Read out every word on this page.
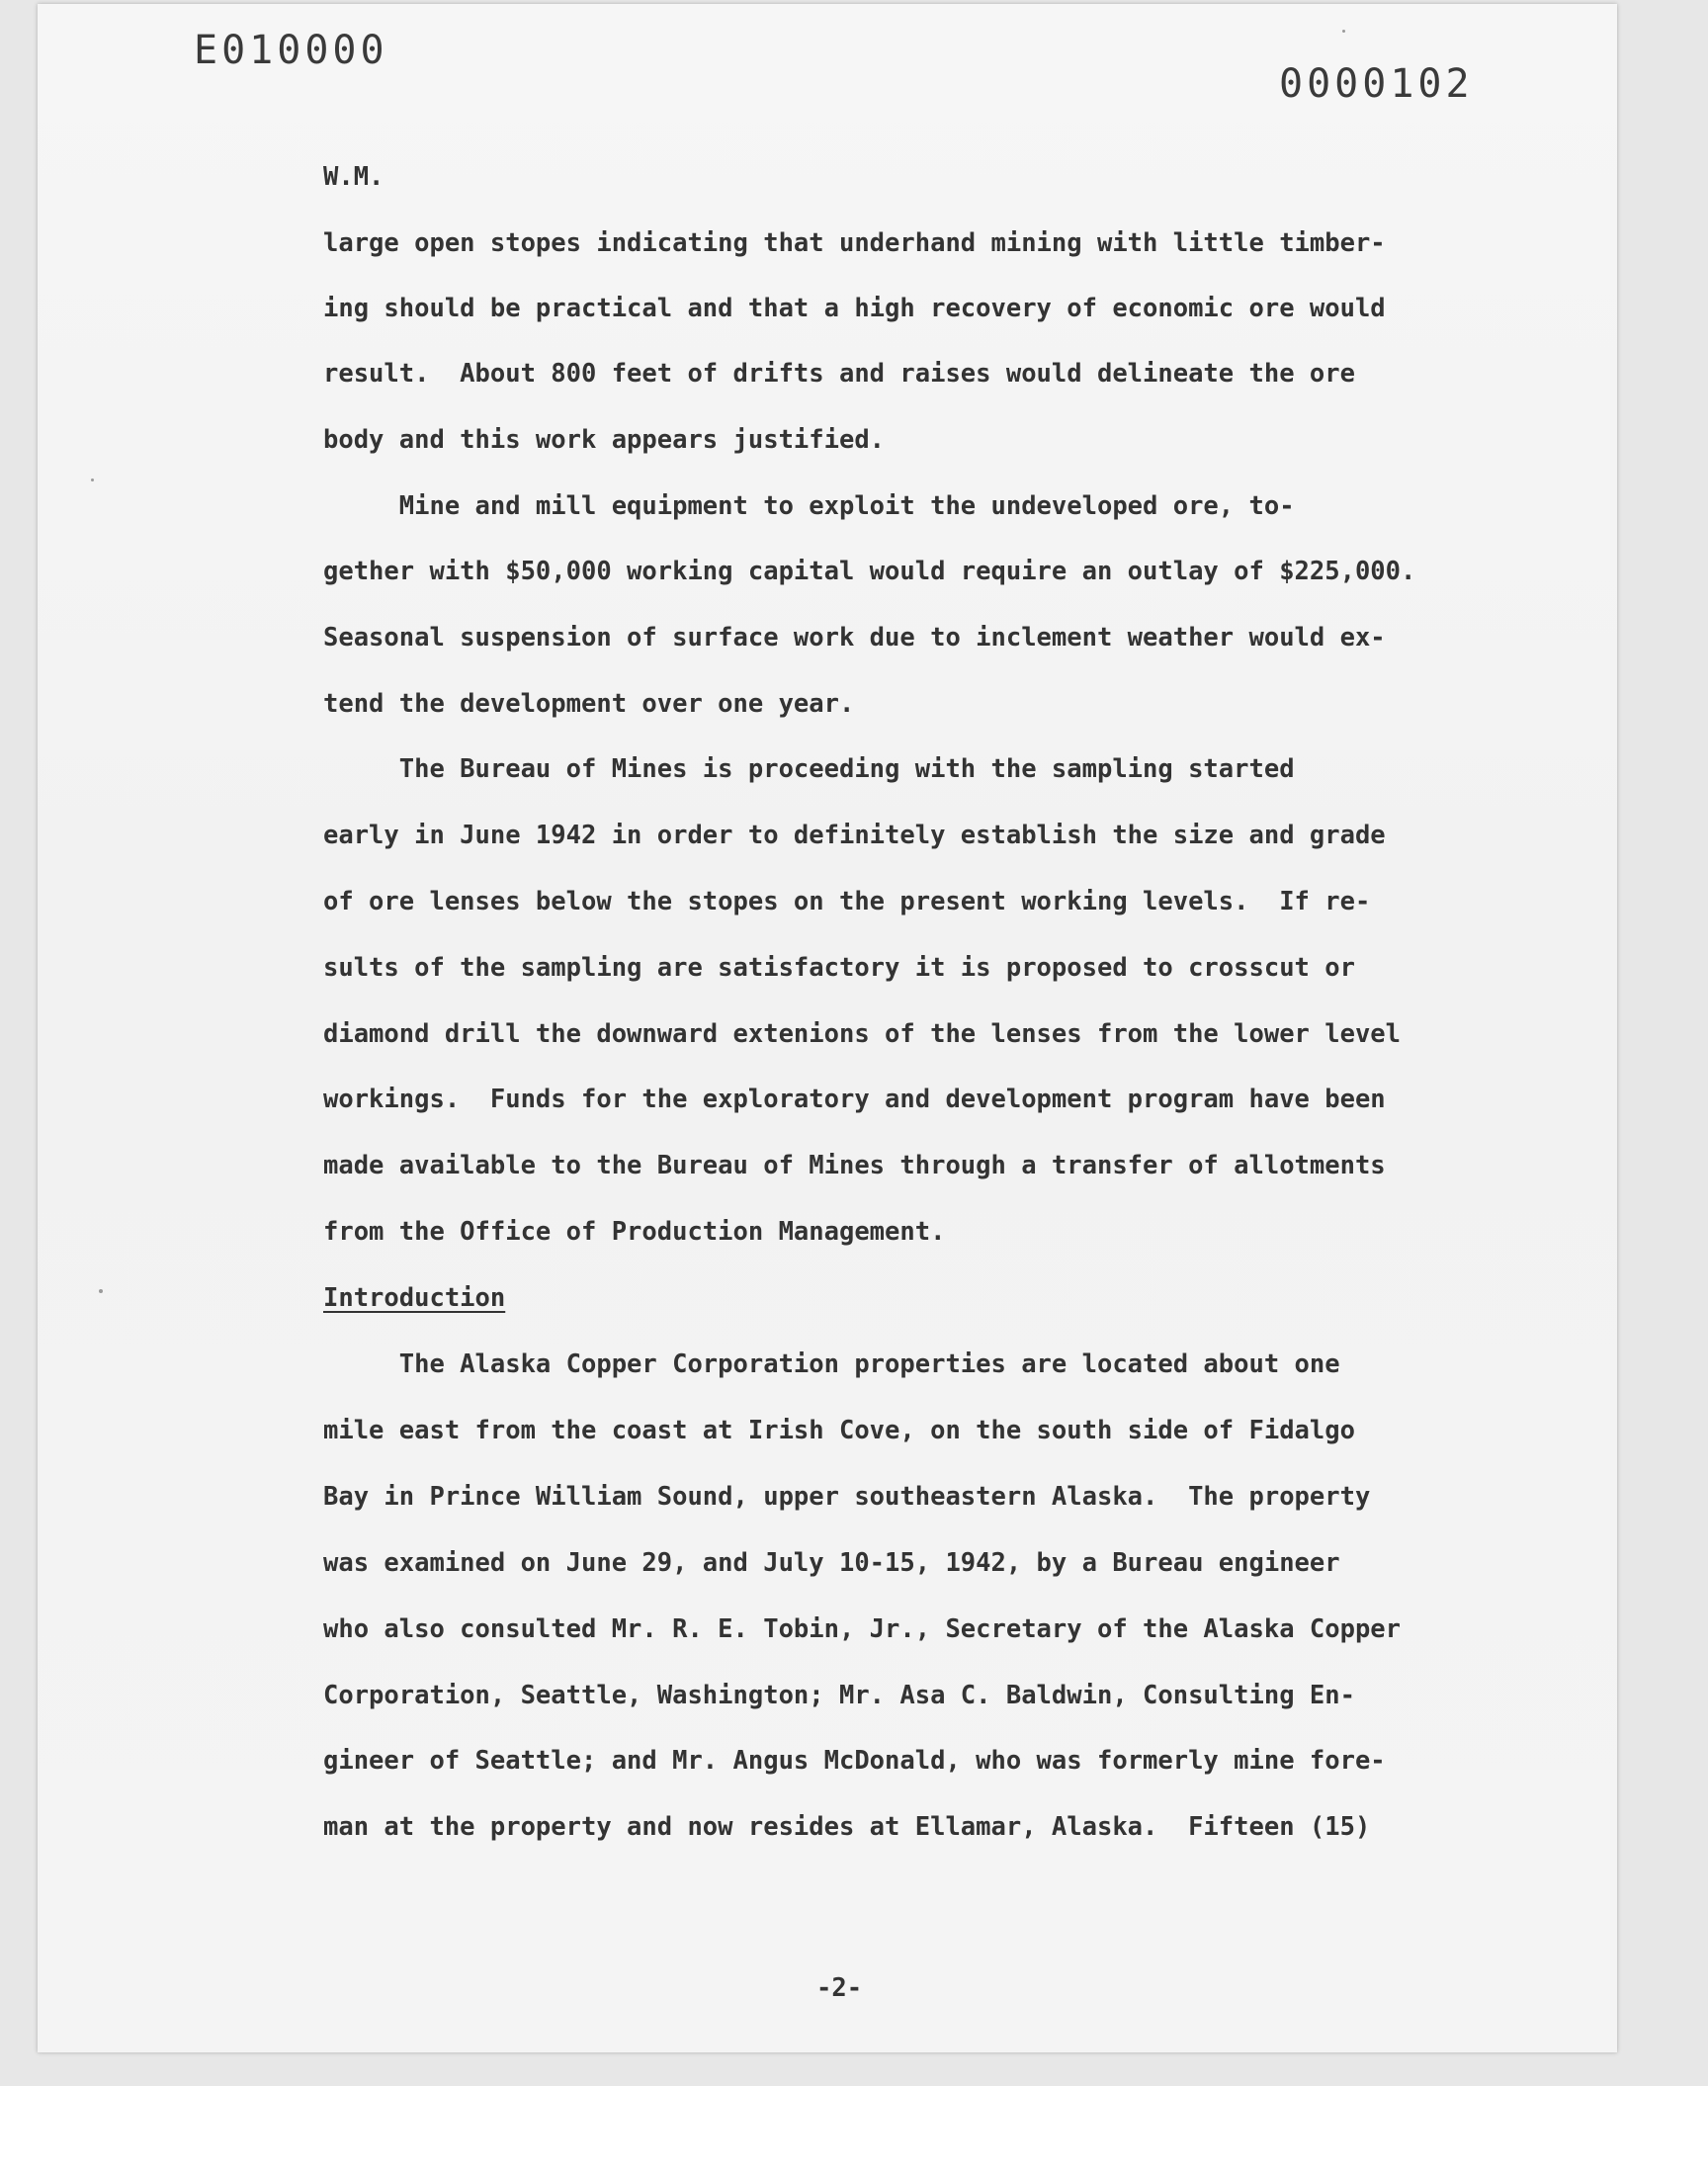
E010000
0000102
W.M.
large open stopes indicating that underhand mining with little timber-
ing should be practical and that a high recovery of economic ore would
result.  About 800 feet of drifts and raises would delineate the ore
body and this work appears justified.
Mine and mill equipment to exploit the undeveloped ore, to-
gether with $50,000 working capital would require an outlay of $225,000.
Seasonal suspension of surface work due to inclement weather would ex-
tend the development over one year.
The Bureau of Mines is proceeding with the sampling started
early in June 1942 in order to definitely establish the size and grade
of ore lenses below the stopes on the present working levels.  If re-
sults of the sampling are satisfactory it is proposed to crosscut or
diamond drill the downward extenions of the lenses from the lower level
workings.  Funds for the exploratory and development program have been
made available to the Bureau of Mines through a transfer of allotments
from the Office of Production Management.
The Alaska Copper Corporation properties are located about one
mile east from the coast at Irish Cove, on the south side of Fidalgo
Bay in Prince William Sound, upper southeastern Alaska.  The property
was examined on June 29, and July 10-15, 1942, by a Bureau engineer
who also consulted Mr. R. E. Tobin, Jr., Secretary of the Alaska Copper
Corporation, Seattle, Washington; Mr. Asa C. Baldwin, Consulting En-
gineer of Seattle; and Mr. Angus McDonald, who was formerly mine fore-
man at the property and now resides at Ellamar, Alaska.  Fifteen (15)
Introduction
-2-
